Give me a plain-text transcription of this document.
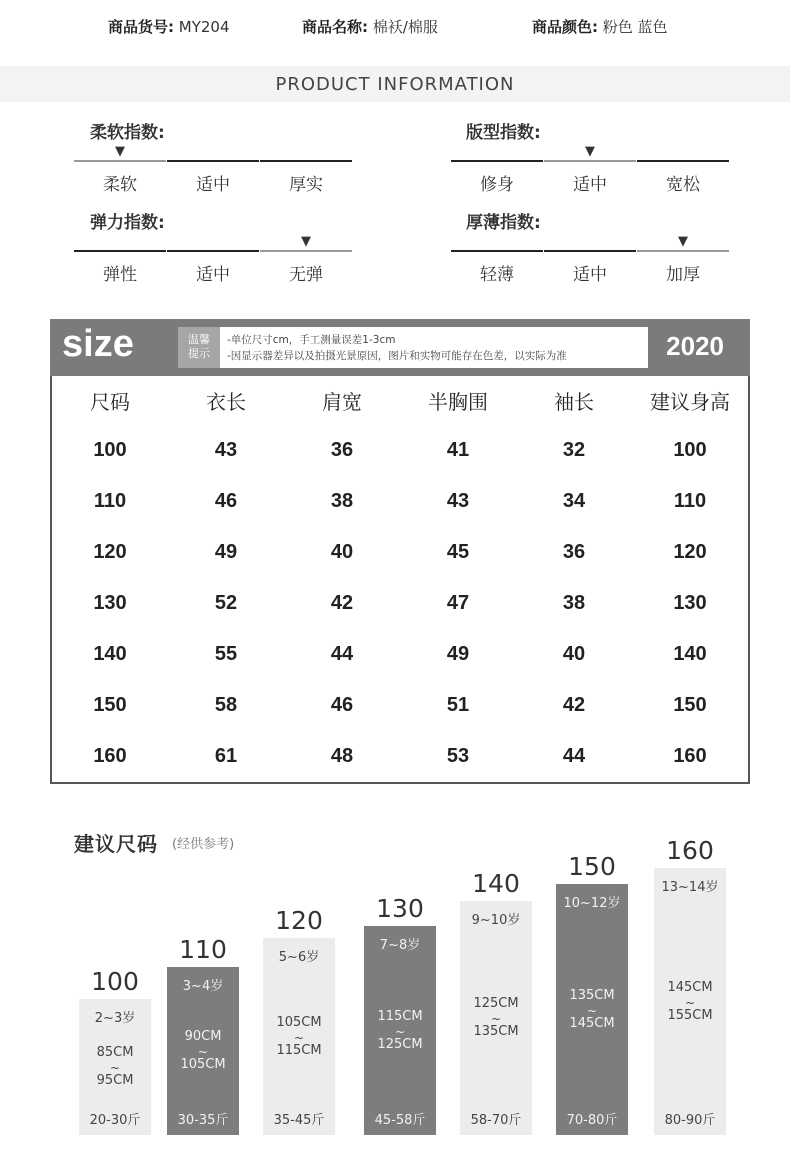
商品货号: MY204	商品名称: 棉袄/棉服	商品颜色: 粉色 蓝色
PRODUCT INFORMATION
柔软指数:
柔软	适中	厚实
▼
版型指数:
修身	适中	宽松
▼
弹力指数:
弹性	适中	无弹
▼
厚薄指数:
轻薄	适中	加厚
▼
size	温馨
提示
-单位尺寸cm，手工测量误差1-3cm
-因显示器差异以及拍摄光景原因，图片和实物可能存在色差，以实际为准	2020
尺码	衣长	肩宽	半胸围	袖长	建议身高
100	43	36	41	32	100
110	46	38	43	34	110
120	49	40	45	36	120
130	52	42	47	38	130
140	55	44	49	40	140
150	58	46	51	42	150
160	61	48	53	44	160
建议尺码 (经供参考)
100
2~3岁
85CM
~
95CM
20-30斤
110
3~4岁
90CM
~
105CM
30-35斤
120
5~6岁
105CM
~
115CM
35-45斤
130
7~8岁
115CM
~
125CM
45-58斤
140
9~10岁
125CM
~
135CM
58-70斤
150
10~12岁
135CM
~
145CM
70-80斤
160
13~14岁
145CM
~
155CM
80-90斤
